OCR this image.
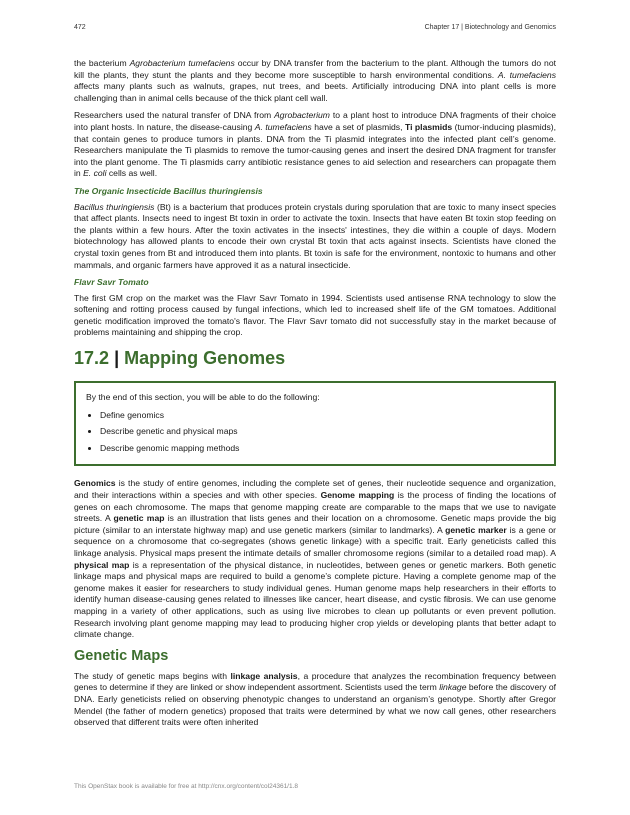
472	Chapter 17 | Biotechnology and Genomics

the bacterium Agrobacterium tumefaciens occur by DNA transfer from the bacterium to the plant. Although the tumors do not kill the plants, they stunt the plants and they become more susceptible to harsh environmental conditions. A. tumefaciens affects many plants such as walnuts, grapes, nut trees, and beets. Artificially introducing DNA into plant cells is more challenging than in animal cells because of the thick plant cell wall.

Researchers used the natural transfer of DNA from Agrobacterium to a plant host to introduce DNA fragments of their choice into plant hosts. In nature, the disease-causing A. tumefaciens have a set of plasmids, Ti plasmids (tumor-inducing plasmids), that contain genes to produce tumors in plants. DNA from the Ti plasmid integrates into the infected plant cell’s genome. Researchers manipulate the Ti plasmids to remove the tumor-causing genes and insert the desired DNA fragment for transfer into the plant genome. The Ti plasmids carry antibiotic resistance genes to aid selection and researchers can propagate them in E. coli cells as well.

The Organic Insecticide Bacillus thuringiensis

Bacillus thuringiensis (Bt) is a bacterium that produces protein crystals during sporulation that are toxic to many insect species that affect plants. Insects need to ingest Bt toxin in order to activate the toxin. Insects that have eaten Bt toxin stop feeding on the plants within a few hours. After the toxin activates in the insects' intestines, they die within a couple of days. Modern biotechnology has allowed plants to encode their own crystal Bt toxin that acts against insects. Scientists have cloned the crystal toxin genes from Bt and introduced them into plants. Bt toxin is safe for the environment, nontoxic to humans and other mammals, and organic farmers have approved it as a natural insecticide.

Flavr Savr Tomato

The first GM crop on the market was the Flavr Savr Tomato in 1994. Scientists used antisense RNA technology to slow the softening and rotting process caused by fungal infections, which led to increased shelf life of the GM tomatoes. Additional genetic modification improved the tomato's flavor. The Flavr Savr tomato did not successfully stay in the market because of problems maintaining and shipping the crop.

17.2 | Mapping Genomes

By the end of this section, you will be able to do the following:

• Define genomics
• Describe genetic and physical maps
• Describe genomic mapping methods

Genomics is the study of entire genomes, including the complete set of genes, their nucleotide sequence and organization, and their interactions within a species and with other species. Genome mapping is the process of finding the locations of genes on each chromosome. The maps that genome mapping create are comparable to the maps that we use to navigate streets. A genetic map is an illustration that lists genes and their location on a chromosome. Genetic maps provide the big picture (similar to an interstate highway map) and use genetic markers (similar to landmarks). A genetic marker is a gene or sequence on a chromosome that co-segregates (shows genetic linkage) with a specific trait. Early geneticists called this linkage analysis. Physical maps present the intimate details of smaller chromosome regions (similar to a detailed road map). A physical map is a representation of the physical distance, in nucleotides, between genes or genetic markers. Both genetic linkage maps and physical maps are required to build a genome’s complete picture. Having a complete genome map of the genome makes it easier for researchers to study individual genes. Human genome maps help researchers in their efforts to identify human disease-causing genes related to illnesses like cancer, heart disease, and cystic fibrosis. We can use genome mapping in a variety of other applications, such as using live microbes to clean up pollutants or even prevent pollution. Research involving plant genome mapping may lead to producing higher crop yields or developing plants that better adapt to climate change.

Genetic Maps

The study of genetic maps begins with linkage analysis, a procedure that analyzes the recombination frequency between genes to determine if they are linked or show independent assortment. Scientists used the term linkage before the discovery of DNA. Early geneticists relied on observing phenotypic changes to understand an organism’s genotype. Shortly after Gregor Mendel (the father of modern genetics) proposed that traits were determined by what we now call genes, other researchers observed that different traits were often inherited

This OpenStax book is available for free at http://cnx.org/content/col24361/1.8
